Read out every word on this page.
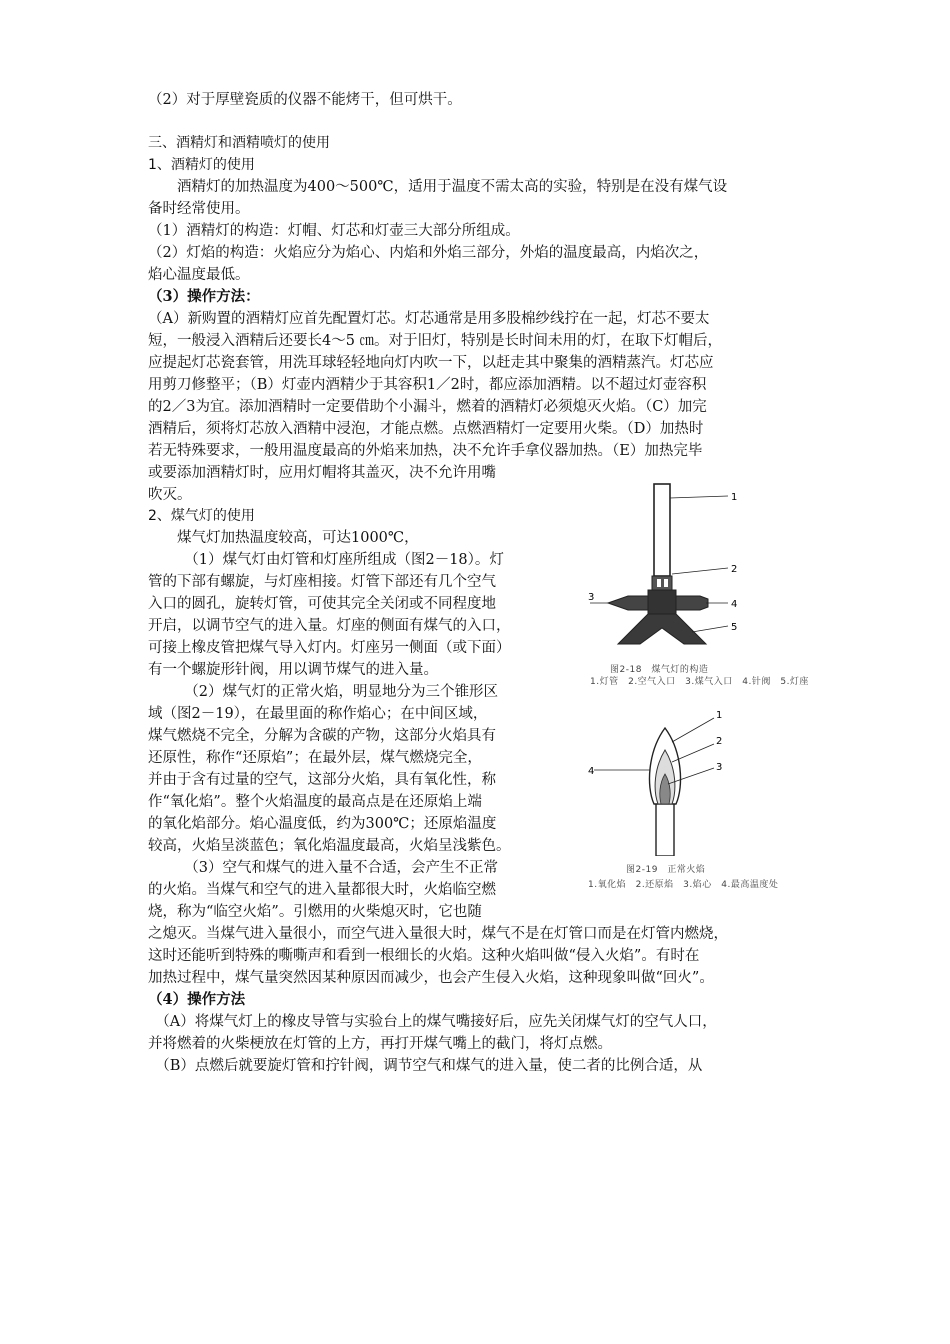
（2）对于厚壁瓷质的仪器不能烤干，但可烘干。
三、酒精灯和酒精喷灯的使用
1、酒精灯的使用
　　酒精灯的加热温度为400～500℃，适用于温度不需太高的实验，特别是在没有煤气设
备时经常使用。
（1）酒精灯的构造：灯帽、灯芯和灯壶三大部分所组成。
（2）灯焰的构造：火焰应分为焰心、内焰和外焰三部分，外焰的温度最高，内焰次之，
焰心温度最低。
（3）操作方法：
（A）新购置的酒精灯应首先配置灯芯。灯芯通常是用多股棉纱线拧在一起，灯芯不要太
短，一般浸入酒精后还要长4～5 ㎝。对于旧灯，特别是长时间未用的灯，在取下灯帽后，
应提起灯芯瓷套管，用洗耳球轻轻地向灯内吹一下，以赶走其中聚集的酒精蒸汽。灯芯应
用剪刀修整平；（B）灯壶内酒精少于其容积1／2时，都应添加酒精。以不超过灯壶容积
的2／3为宜。添加酒精时一定要借助个小漏斗，燃着的酒精灯必须熄灭火焰。（C）加完
酒精后，须将灯芯放入酒精中浸泡，才能点燃。点燃酒精灯一定要用火柴。（D）加热时
若无特殊要求，一般用温度最高的外焰来加热，决不允许手拿仪器加热。（E）加热完毕
或要添加酒精灯时，应用灯帽将其盖灭，决不允许用嘴
吹灭。
2、煤气灯的使用
　　煤气灯加热温度较高，可达1000℃，
　　　（1）煤气灯由灯管和灯座所组成（图2－18）。灯
管的下部有螺旋，与灯座相接。灯管下部还有几个空气
入口的圆孔，旋转灯管，可使其完全关闭或不同程度地
开启，以调节空气的进入量。灯座的侧面有煤气的入口，
可接上橡皮管把煤气导入灯内。灯座另一侧面（或下面）
有一个螺旋形针阀，用以调节煤气的进入量。
　　　（2）煤气灯的正常火焰，明显地分为三个锥形区
域（图2－19），在最里面的称作焰心；在中间区域，
煤气燃烧不完全，分解为含碳的产物，这部分火焰具有
还原性，称作“还原焰”；在最外层，煤气燃烧完全，
并由于含有过量的空气，这部分火焰，具有氧化性，称
作“氧化焰”。整个火焰温度的最高点是在还原焰上端
的氧化焰部分。焰心温度低，约为300℃；还原焰温度
较高，火焰呈淡蓝色；氧化焰温度最高，火焰呈浅紫色。
　　　（3）空气和煤气的进入量不合适，会产生不正常
的火焰。当煤气和空气的进入量都很大时，火焰临空燃
烧，称为“临空火焰”。引燃用的火柴熄灭时，它也随
之熄灭。当煤气进入量很小，而空气进入量很大时，煤气不是在灯管口而是在灯管内燃烧，
这时还能听到特殊的嘶嘶声和看到一根细长的火焰。这种火焰叫做“侵入火焰”。有时在
加热过程中，煤气量突然因某种原因而减少，也会产生侵入火焰，这种现象叫做“回火”。
（4）操作方法
　（A）将煤气灯上的橡皮导管与实验台上的煤气嘴接好后，应先关闭煤气灯的空气人口，
并将燃着的火柴梗放在灯管的上方，再打开煤气嘴上的截门，将灯点燃。
　（B）点燃后就要旋灯管和拧针阀，调节空气和煤气的进入量，使二者的比例合适，从
1
2
3
4
5
图2-18　煤气灯的构造
1.灯管　2.空气入口　3.煤气入口　4.针阀　5.灯座
1
2
3
4
图2-19　正常火焰
1.氧化焰　2.还原焰　3.焰心　4.最高温度处
